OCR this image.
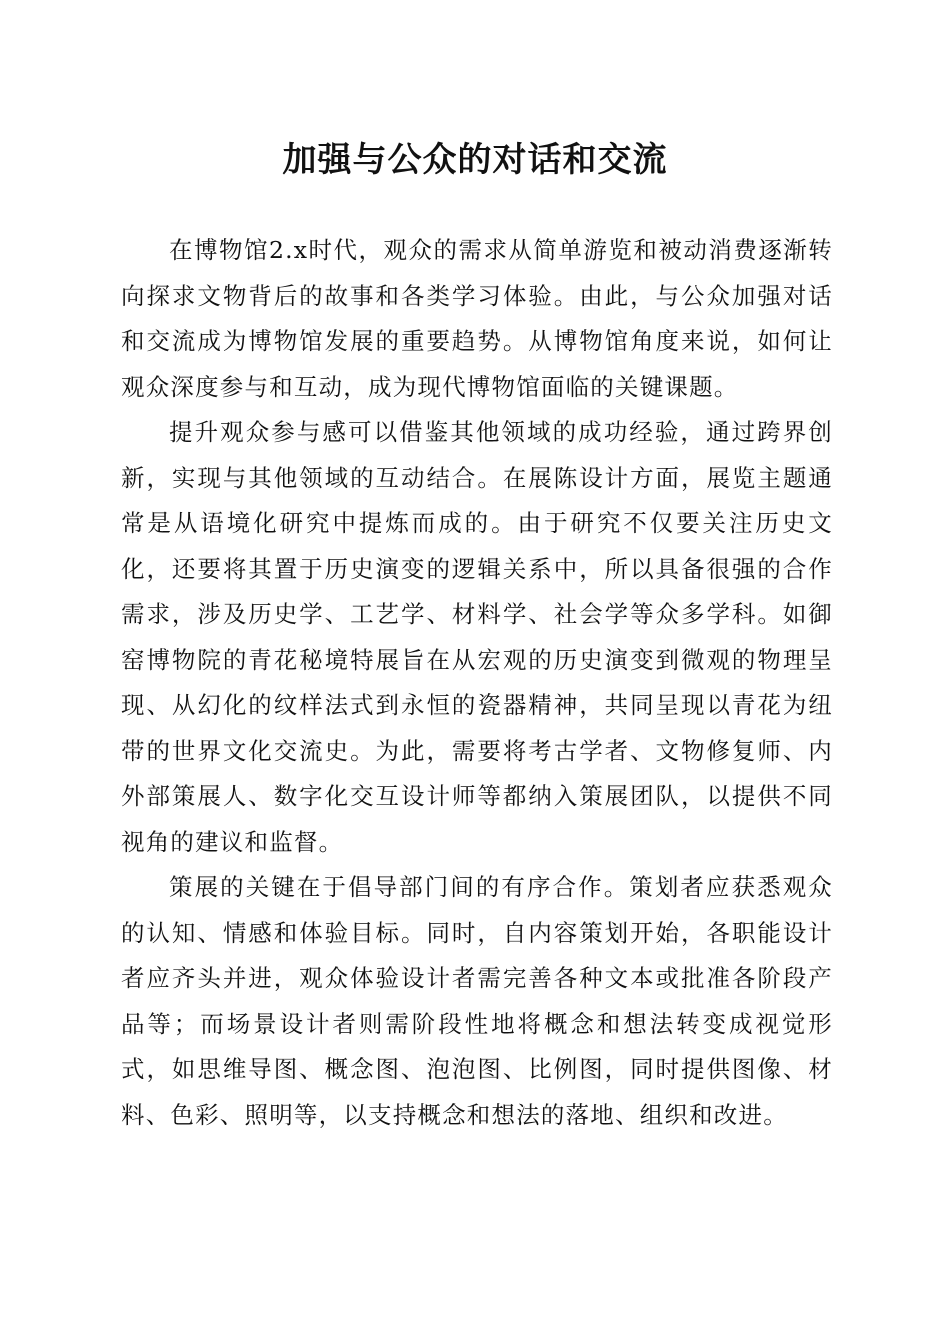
加强与公众的对话和交流

在博物馆2.x时代，观众的需求从简单游览和被动消费逐渐转向探求文物背后的故事和各类学习体验。由此，与公众加强对话和交流成为博物馆发展的重要趋势。从博物馆角度来说，如何让观众深度参与和互动，成为现代博物馆面临的关键课题。

提升观众参与感可以借鉴其他领域的成功经验，通过跨界创新，实现与其他领域的互动结合。在展陈设计方面，展览主题通常是从语境化研究中提炼而成的。由于研究不仅要关注历史文化，还要将其置于历史演变的逻辑关系中，所以具备很强的合作需求，涉及历史学、工艺学、材料学、社会学等众多学科。如御窑博物院的青花秘境特展旨在从宏观的历史演变到微观的物理呈现、从幻化的纹样法式到永恒的瓷器精神，共同呈现以青花为纽带的世界文化交流史。为此，需要将考古学者、文物修复师、内外部策展人、数字化交互设计师等都纳入策展团队，以提供不同视角的建议和监督。

策展的关键在于倡导部门间的有序合作。策划者应获悉观众的认知、情感和体验目标。同时，自内容策划开始，各职能设计者应齐头并进，观众体验设计者需完善各种文本或批准各阶段产品等；而场景设计者则需阶段性地将概念和想法转变成视觉形式，如思维导图、概念图、泡泡图、比例图，同时提供图像、材料、色彩、照明等，以支持概念和想法的落地、组织和改进。
